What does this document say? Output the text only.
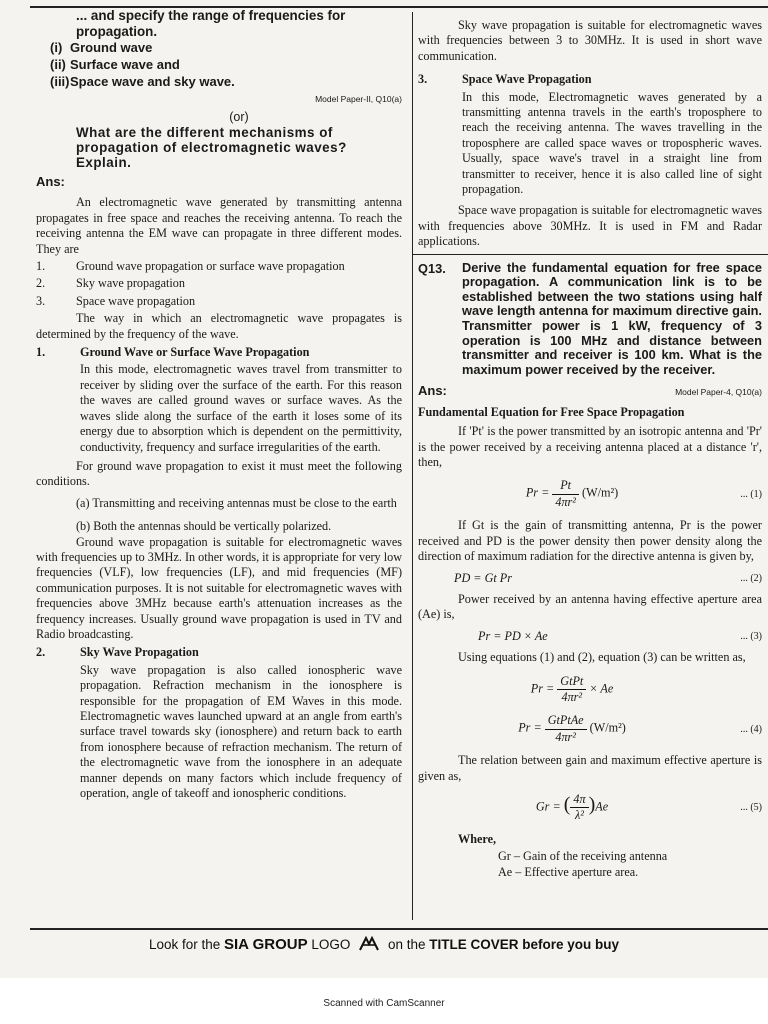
... and specify the range of frequencies for propagation.
(i) Ground wave
(ii) Surface wave and
(iii) Space wave and sky wave.
Model Paper-II, Q10(a)
(or)
What are the different mechanisms of propagation of electromagnetic waves? Explain.
Ans:

An electromagnetic wave generated by transmitting antenna propagates in free space and reaches the receiving antenna. To reach the receiving antenna the EM wave can propagate in three different modes. They are

1.	Ground wave propagation or surface wave propagation
2.	Sky wave propagation
3.	Space wave propagation

The way in which an electromagnetic wave propagates is determined by the frequency of the wave.

1.	Ground Wave or Surface Wave Propagation

In this mode, electromagnetic waves travel from transmitter to receiver by sliding over the surface of the earth. For this reason the waves are called ground waves or surface waves. As the waves slide along the surface of the earth it loses some of its energy due to absorption which is dependent on the permittivity, conductivity, frequency and surface irregularities of the earth.

For ground wave propagation to exist it must meet the following conditions.

(a) Transmitting and receiving antennas must be close to the earth

(b) Both the antennas should be vertically polarized.

Ground wave propagation is suitable for electromagnetic waves with frequencies up to 3MHz. In other words, it is appropriate for very low frequencies (VLF), low frequencies (LF), and mid frequencies (MF) communication purposes. It is not suitable for electromagnetic waves with frequencies above 3MHz because earth's attenuation increases as the frequency increases. Usually ground wave propagation is used in TV and Radio broadcasting.

2.	Sky Wave Propagation

Sky wave propagation is also called ionospheric wave propagation. Refraction mechanism in the ionosphere is responsible for the propagation of EM Waves in this mode. Electromagnetic waves launched upward at an angle from earth's surface travel towards sky (ionosphere) and return back to earth from ionosphere because of refraction mechanism. The return of the electromagnetic wave from the ionosphere in an adequate manner depends on many factors which include frequency of operation, angle of takeoff and ionospheric conditions.

Sky wave propagation is suitable for electromagnetic waves with frequencies between 3 to 30MHz. It is used in short wave communication.

3.	Space Wave Propagation

In this mode, Electromagnetic waves generated by a transmitting antenna travels in the earth's troposphere to reach the receiving antenna. The waves travelling in the troposphere are called space waves or tropospheric waves. Usually, space wave's travel in a straight line from transmitter to receiver, hence it is also called line of sight propagation.

Space wave propagation is suitable for electromagnetic waves with frequencies above 30MHz. It is used in FM and Radar applications.

Q13.	Derive the fundamental equation for free space propagation. A communication link is to be established between the two stations using half wave length antenna for maximum directive gain. Transmitter power is 1 kW, frequency of 3 operation is 100 MHz and distance between transmitter and receiver is 100 km. What is the maximum power received by the receiver.
Ans:	Model Paper-4, Q10(a)
Fundamental Equation for Free Space Propagation

If 'Pt' is the power transmitted by an isotropic antenna and 'Pr' is the power received by a receiving antenna placed at a distance 'r', then,

$Pr = \frac{Pt}{\text{4πr²}} (W/m^2)$	... (1)

If Gt is the gain of transmitting antenna, Pr is the power received and PD is the power density then power density along the direction of maximum radiation for the directive antenna is given by,

PD = Gt Pr	... (2)

Power received by an antenna having effective aperture area (Ae) is,

Pr = PD × Ae	... (3)

Using equations (1) and (2), equation (3) can be written as,

$Pr = \frac{\text{GtPt}}{\text{4πr²}} \times Ae$
$Pr = \frac{\text{GtPtAe}}{\text{4πr²}} (W/m^2)$	... (4)

The relation between gain and maximum effective aperture is given as,

Gr = ( $\frac{4\pi}{\text{λ²}} )Ae$	... (5)
Where,
Gr – Gain of the receiving antenna
Ae – Effective aperture area.
Look for the SIA GROUP LOGO	on the TITLE COVER before you buy
Scanned with CamScanner
